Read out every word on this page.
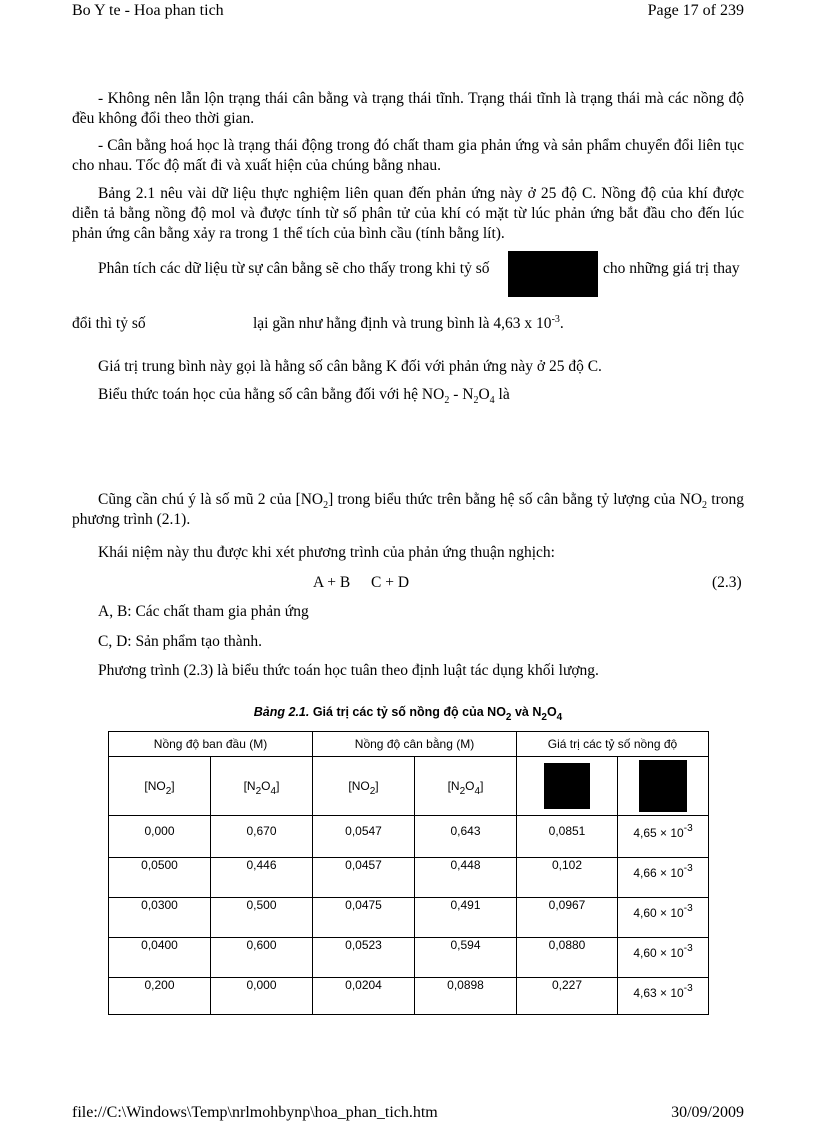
Bo Y te - Hoa phan tich	Page 17 of 239
- Không nên lẫn lộn trạng thái cân bằng và trạng thái tĩnh. Trạng thái tĩnh là trạng thái mà các nồng độ đều không đổi theo thời gian.
- Cân bằng hoá học là trạng thái động trong đó chất tham gia phản ứng và sản phẩm chuyển đổi liên tục cho nhau. Tốc độ mất đi và xuất hiện của chúng bằng nhau.
Bảng 2.1 nêu vài dữ liệu thực nghiệm liên quan đến phản ứng này ở 25 độ C. Nồng độ của khí được diễn tả bằng nồng độ mol và được tính từ số phân tử của khí có mặt từ lúc phản ứng bắt đầu cho đến lúc phản ứng cân bằng xảy ra trong 1 thể tích của bình cầu (tính bằng lít).
Phân tích các dữ liệu từ sự cân bằng sẽ cho thấy trong khi tỷ số	cho những giá trị thay
đổi thì tỷ số	lại gần như hằng định và trung bình là 4,63 x $10^{-3}$.
Giá trị trung bình này gọi là hằng số cân bằng K đối với phản ứng này ở 25 độ C.
Biểu thức toán học của hằng số cân bằng đối với hệ $NO_2 - N_2O_4$ là
Cũng cần chú ý là số mũ 2 của $[NO_2]$ trong biểu thức trên bằng hệ số cân bằng tỷ lượng của $NO_2$ trong phương trình (2.1).
Khái niệm này thu được khi xét phương trình của phản ứng thuận nghịch:
A + B C + D	(2.3)
A, B: Các chất tham gia phản ứng
C, D: Sản phẩm tạo thành.
Phương trình (2.3) là biểu thức toán học tuân theo định luật tác dụng khối lượng.
Bảng 2.1. Giá trị các tỷ số nồng độ của $NO_2$ và $N_2O_4$
Nồng độ ban đầu (M)		Nồng độ cân bằng (M)		Giá trị các tỷ số nồng độ	
$[NO_2]$	$[N_2O_4]$	$[NO_2]$	$[N_2O_4]$		
0,000	0,670	0,0547	0,643	0,0851	$4,65 \times 10^{-3}$
0,0500	0,446	0,0457	0,448	0,102	$4,66 \times 10^{-3}$
0,0300	0,500	0,0475	0,491	0,0967	$4,60 \times 10^{-3}$
0,0400	0,600	0,0523	0,594	0,0880	$4,60 \times 10^{-3}$
0,200	0,000	0,0204	0,0898	0,227	$4,63 \times 10^{-3}$
file://C:\Windows\Temp\nrlmohbynp\hoa_phan_tich.htm	30/09/2009
